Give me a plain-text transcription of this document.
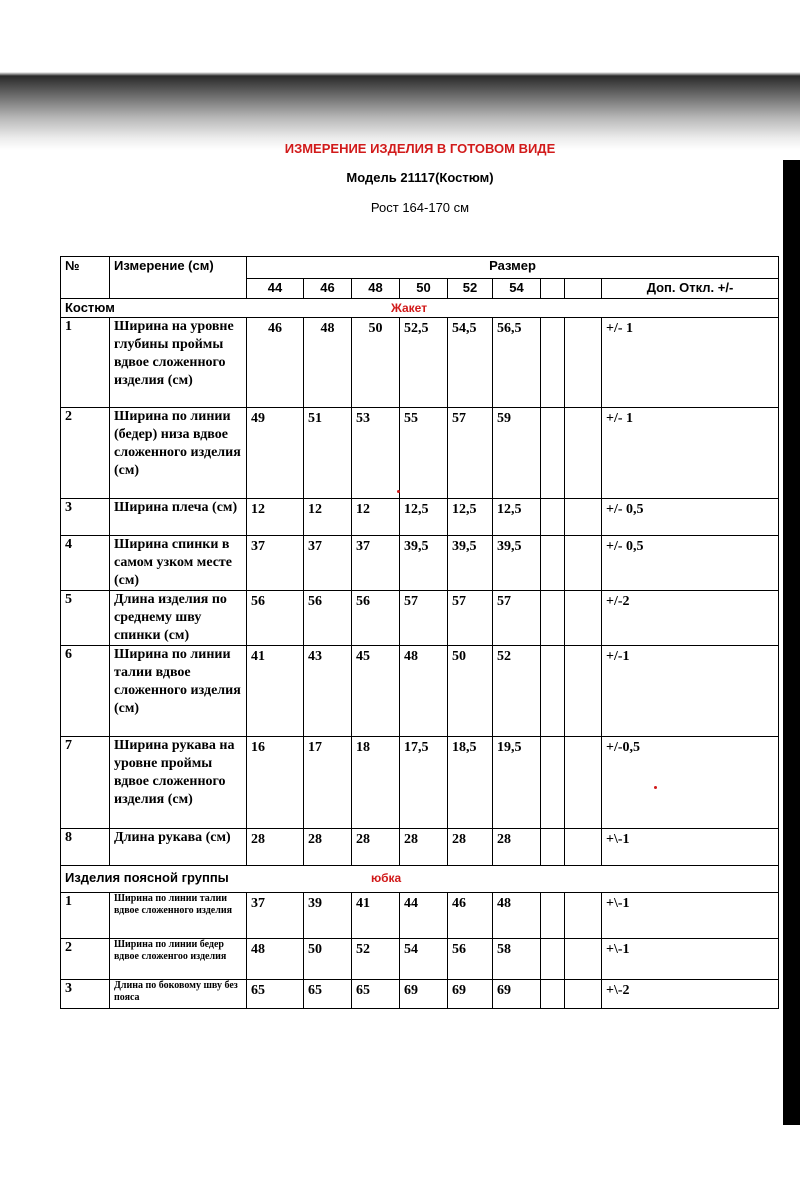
ИЗМЕРЕНИЕ ИЗДЕЛИЯ В ГОТОВОМ ВИДЕ
Модель 21117(Костюм)
Рост 164-170 см
№	Измерение (см)	Размер								
		44	46	48	50	52	54			Доп. Откл. +/-
Костюм Жакет										

1	Ширина на уровне глубины проймы вдвое сложенного изделия (см)	46	48	50	52,5	54,5	56,5			+/- 1
2	Ширина по линии (бедер) низа вдвое сложенного изделия (см)	49	51	53	55	57	59			+/- 1
3	Ширина плеча (см)	12	12	12	12,5	12,5	12,5			+/- 0,5
4	Ширина спинки в самом узком месте (см)	37	37	37	39,5	39,5	39,5			+/- 0,5
5	Длина изделия по среднему шву спинки (см)	56	56	56	57	57	57			+/-2
6	Ширина по линии талии вдвое сложенного изделия (см)	41	43	45	48	50	52			+/-1
7	Ширина рукава на уровне проймы вдвое сложенного изделия (см)	16	17	18	17,5	18,5	19,5			+/-0,5
8	Длина рукава (см)	28	28	28	28	28	28			+\-1
Изделия поясной группы юбка										

1	Ширина по линии талии вдвое сложенного изделия	37	39	41	44	46	48			+\-1
2	Ширина по линии бедер вдвое сложенгоо изделия	48	50	52	54	56	58			+\-1
3	Длина по боковому шву без пояса	65	65	65	69	69	69			+\-2
